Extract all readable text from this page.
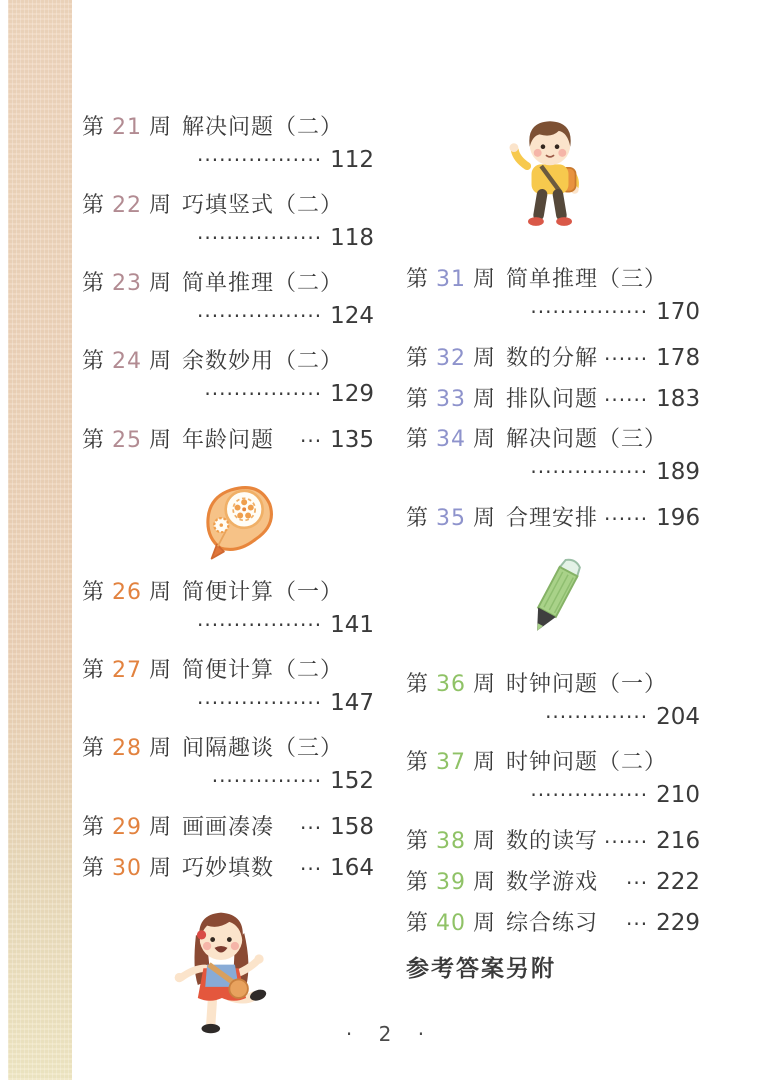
第 21 周 解决问题（二）
················· 112
第 22 周 巧填竖式（二）
················· 118
第 23 周 简单推理（二）
················· 124
第 24 周 余数妙用（二）
················ 129
第 25 周 年龄问题 ··· 135
第 26 周 简便计算（一）
················· 141
第 27 周 简便计算（二）
················· 147
第 28 周 间隔趣谈（三）
··············· 152
第 29 周 画画凑凑 ··· 158
第 30 周 巧妙填数 ··· 164
第 31 周 简单推理（三）
················ 170
第 32 周 数的分解 ······ 178
第 33 周 排队问题 ······ 183
第 34 周 解决问题（三）
················ 189
第 35 周 合理安排 ······ 196
第 36 周 时钟问题（一）
·············· 204
第 37 周 时钟问题（二）
················ 210
第 38 周 数的读写 ······ 216
第 39 周 数学游戏 ··· 222
第 40 周 综合练习 ··· 229
参考答案另附
· 2 ·
